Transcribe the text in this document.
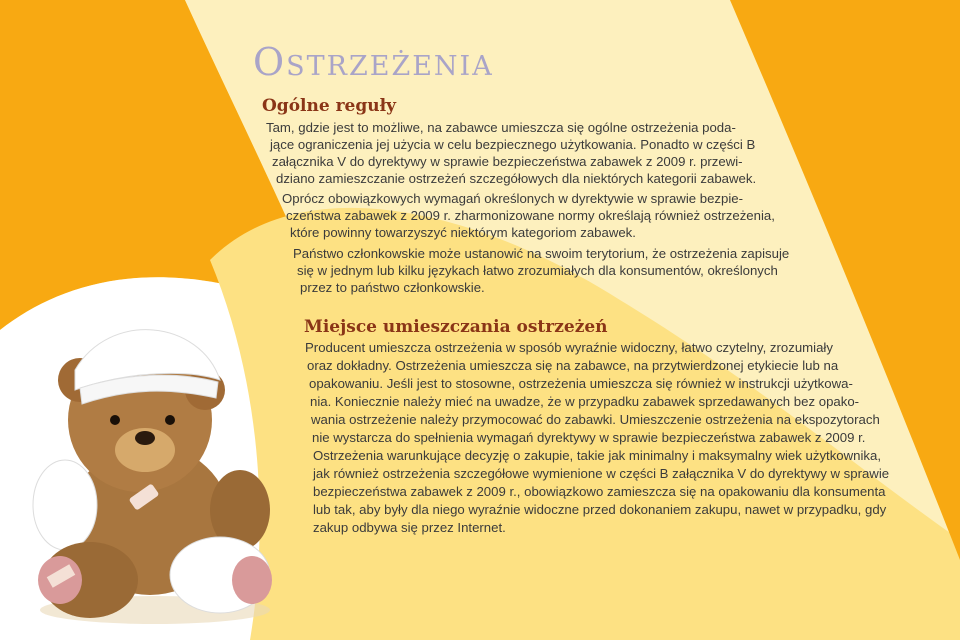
Ostrzeżenia
Ogólne reguły

Tam, gdzie jest to możliwe, na zabawce umieszcza się ogólne ostrzeżenia poda-

jące ograniczenia jej użycia w celu bezpiecznego użytkowania. Ponadto w części B

załącznika V do dyrektywy w sprawie bezpieczeństwa zabawek z 2009 r. przewi-

dziano zamieszczanie ostrzeżeń szczegółowych dla niektórych kategorii zabawek.

Oprócz obowiązkowych wymagań określonych w dyrektywie w sprawie bezpie-

czeństwa zabawek z 2009 r. zharmonizowane normy określają również ostrzeżenia,

które powinny towarzyszyć niektórym kategoriom zabawek.

Państwo członkowskie może ustanowić na swoim terytorium, że ostrzeżenia zapisuje

się w jednym lub kilku językach łatwo zrozumiałych dla konsumentów, określonych

przez to państwo członkowskie.

Miejsce umieszczania ostrzeżeń

Producent umieszcza ostrzeżenia w sposób wyraźnie widoczny, łatwo czytelny, zrozumiały

oraz dokładny. Ostrzeżenia umieszcza się na zabawce, na przytwierdzonej etykiecie lub na

opakowaniu. Jeśli jest to stosowne, ostrzeżenia umieszcza się również w instrukcji użytkowa-

nia. Koniecznie należy mieć na uwadze, że w przypadku zabawek sprzedawanych bez opako-

wania ostrzeżenie należy przymocować do zabawki. Umieszczenie ostrzeżenia na ekspozytorach

nie wystarcza do spełnienia wymagań dyrektywy w sprawie bezpieczeństwa zabawek z 2009 r.

Ostrzeżenia warunkujące decyzję o zakupie, takie jak minimalny i maksymalny wiek użytkownika,

jak również ostrzeżenia szczegółowe wymienione w części B załącznika V do dyrektywy w sprawie

bezpieczeństwa zabawek z 2009 r., obowiązkowo zamieszcza się na opakowaniu dla konsumenta

lub tak, aby były dla niego wyraźnie widoczne przed dokonaniem zakupu, nawet w przypadku, gdy

zakup odbywa się przez Internet.
